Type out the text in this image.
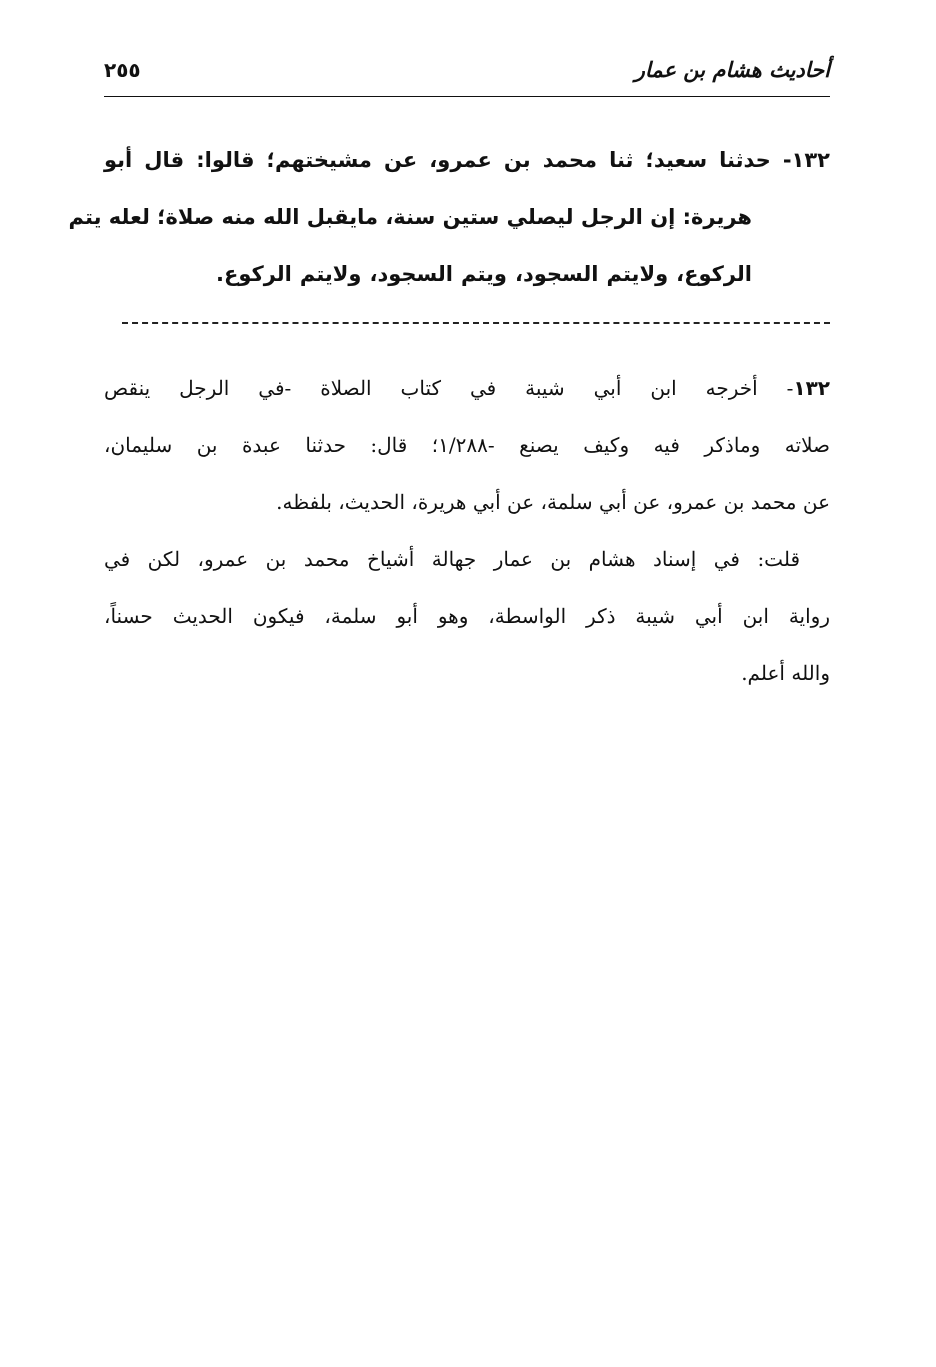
أحاديث هشام بن عمار
٢٥٥
١٣٢- حدثنا سعيد؛ ثنا محمد بن عمرو، عن مشيختهم؛ قالوا: قال أبو
هريرة: إن الرجل ليصلي ستين سنة، مايقبل الله منه صلاة؛ لعله يتم
الركوع، ولايتم السجود، ويتم السجود، ولايتم الركوع.
١٣٢- أخرجه ابن أبي شيبة في كتاب الصلاة -في الرجل ينقص
صلاته وماذكر فيه وكيف يصنع -١/٢٨٨؛ قال: حدثنا عبدة بن سليمان،
عن محمد بن عمرو، عن أبي سلمة، عن أبي هريرة، الحديث، بلفظه.
قلت: في إسناد هشام بن عمار جهالة أشياخ محمد بن عمرو، لكن في
رواية ابن أبي شيبة ذكر الواسطة، وهو أبو سلمة، فيكون الحديث حسناً،
والله أعلم.
